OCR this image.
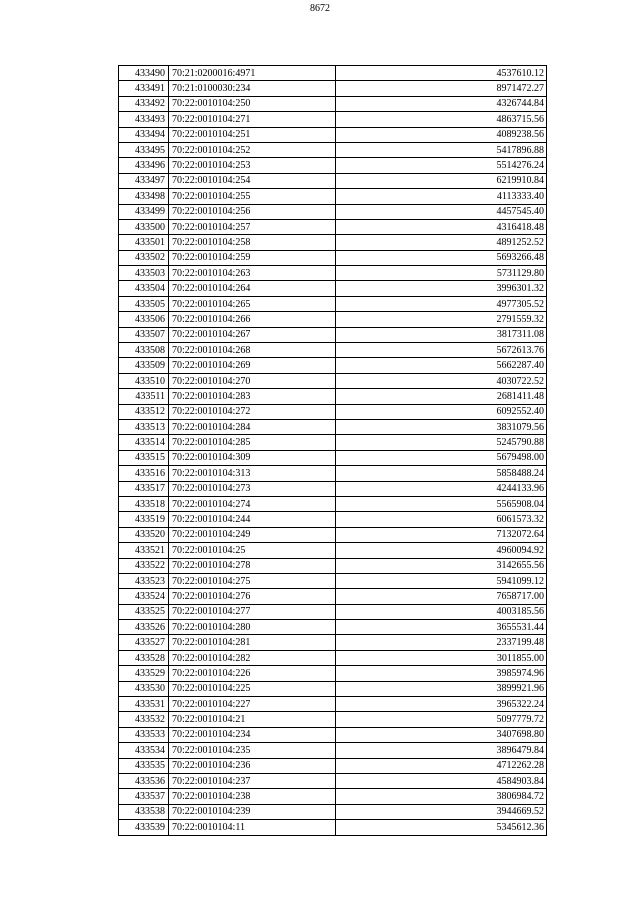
8672
433490	70:21:0200016:4971	4537610.12
433491	70:21:0100030:234	8971472.27
433492	70:22:0010104:250	4326744.84
433493	70:22:0010104:271	4863715.56
433494	70:22:0010104:251	4089238.56
433495	70:22:0010104:252	5417896.88
433496	70:22:0010104:253	5514276.24
433497	70:22:0010104:254	6219910.84
433498	70:22:0010104:255	4113333.40
433499	70:22:0010104:256	4457545.40
433500	70:22:0010104:257	4316418.48
433501	70:22:0010104:258	4891252.52
433502	70:22:0010104:259	5693266.48
433503	70:22:0010104:263	5731129.80
433504	70:22:0010104:264	3996301.32
433505	70:22:0010104:265	4977305.52
433506	70:22:0010104:266	2791559.32
433507	70:22:0010104:267	3817311.08
433508	70:22:0010104:268	5672613.76
433509	70:22:0010104:269	5662287.40
433510	70:22:0010104:270	4030722.52
433511	70:22:0010104:283	2681411.48
433512	70:22:0010104:272	6092552.40
433513	70:22:0010104:284	3831079.56
433514	70:22:0010104:285	5245790.88
433515	70:22:0010104:309	5679498.00
433516	70:22:0010104:313	5858488.24
433517	70:22:0010104:273	4244133.96
433518	70:22:0010104:274	5565908.04
433519	70:22:0010104:244	6061573.32
433520	70:22:0010104:249	7132072.64
433521	70:22:0010104:25	4960094.92
433522	70:22:0010104:278	3142655.56
433523	70:22:0010104:275	5941099.12
433524	70:22:0010104:276	7658717.00
433525	70:22:0010104:277	4003185.56
433526	70:22:0010104:280	3655531.44
433527	70:22:0010104:281	2337199.48
433528	70:22:0010104:282	3011855.00
433529	70:22:0010104:226	3985974.96
433530	70:22:0010104:225	3899921.96
433531	70:22:0010104:227	3965322.24
433532	70:22:0010104:21	5097779.72
433533	70:22:0010104:234	3407698.80
433534	70:22:0010104:235	3896479.84
433535	70:22:0010104:236	4712262.28
433536	70:22:0010104:237	4584903.84
433537	70:22:0010104:238	3806984.72
433538	70:22:0010104:239	3944669.52
433539	70:22:0010104:11	5345612.36
